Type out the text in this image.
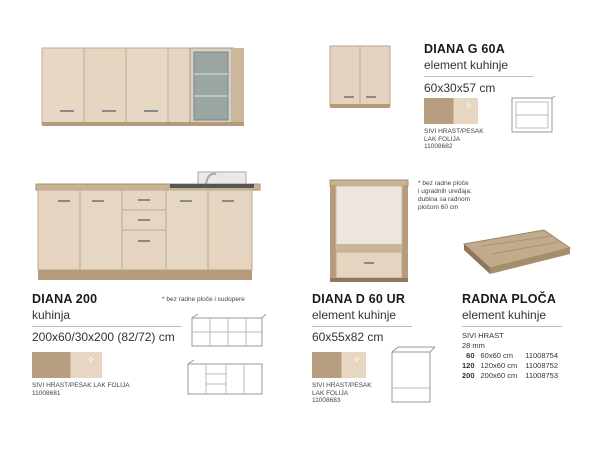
DIANA G 60A
element kuhinje
60x30x57 cm
✧
SIVI HRAST/PESAK
LAK FOLIJA
11008682
DIANA 200
kuhinja
* bez radne ploče i sudopere
200x60/30x200 (82/72) cm
✧
SIVI HRAST/PESAK LAK FOLIJA
11008681
* bez radne ploče
i ugradnih uređaja;
dubina sa radnom
pločom 60 cm
DIANA D 60 UR
element kuhinje
60x55x82 cm
✧
SIVI HRAST/PESAK
LAK FOLIJA
11008683
RADNA PLOČA
element kuhinje
SIVI HRAST
28 mm
60	60x60 cm	11008754
120	120x60 cm	11008752
200	200x60 cm	11008753
